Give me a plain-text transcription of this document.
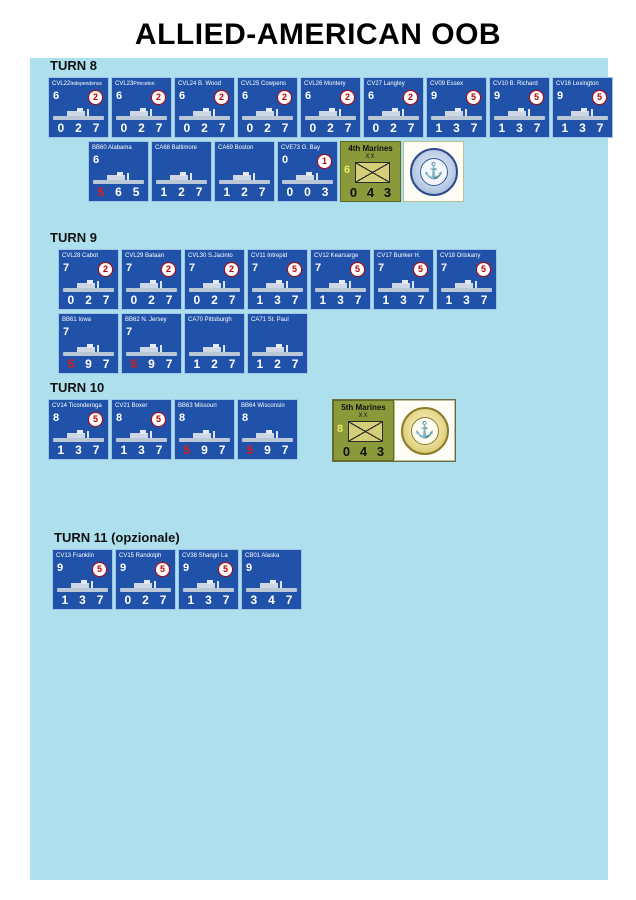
ALLIED-AMERICAN OOB
TURN 8
CVL22Independence
6	2
0 2 7
CVL23Princeton
6	2
0 2 7
CVL24 B. Wood
6	2
0 2 7
CVL25 Cowpens
6	2
0 2 7
CVL26 Montery
6	2
0 2 7
CV27 Langley
6	2
0 2 7
CV09 Essex
9	5
1 3 7
CV10 B. Richard
9	5
1 3 7
CV16 Lexington
9	5
1 3 7
BB60 Alabama
6
5 6 5
CA68 Baltimore
1 2 7
CA69 Boston
1 2 7
CVE73 G. Bay
0	1
0 0 3
4th Marines
XX
6
0 4 3
⚓
TURN 9
CVL28 Cabot
7	2
0 2 7
CVL29 Bataan
7	2
0 2 7
CVL30 S.Jacinto
7	2
0 2 7
CV11 Intrepid
7	5
1 3 7
CV12 Kearsarge
7	5
1 3 7
CV17 Bunker H.
7	5
1 3 7
CV18 Oriskany
7	5
1 3 7
BB61 Iowa
7
5 9 7
BB62 N. Jersey
7
5 9 7
CA70 Pittsburgh
1 2 7
CA71 St. Paul
1 2 7
TURN 10
CV14 Ticonderoga
8	5
1 3 7
CV21 Boxer
8	5
1 3 7
BB63 Missouri
8
5 9 7
BB64 Wisconsin
8
5 9 7
5th Marines
XX
8
0 4 3
⚓
TURN 11 (opzionale)
CV13 Franklin
9	5
1 3 7
CV15 Randolph
9	5
0 2 7
CV38 Shangri La
9	5
1 3 7
CB01 Alaska
9
3 4 7
